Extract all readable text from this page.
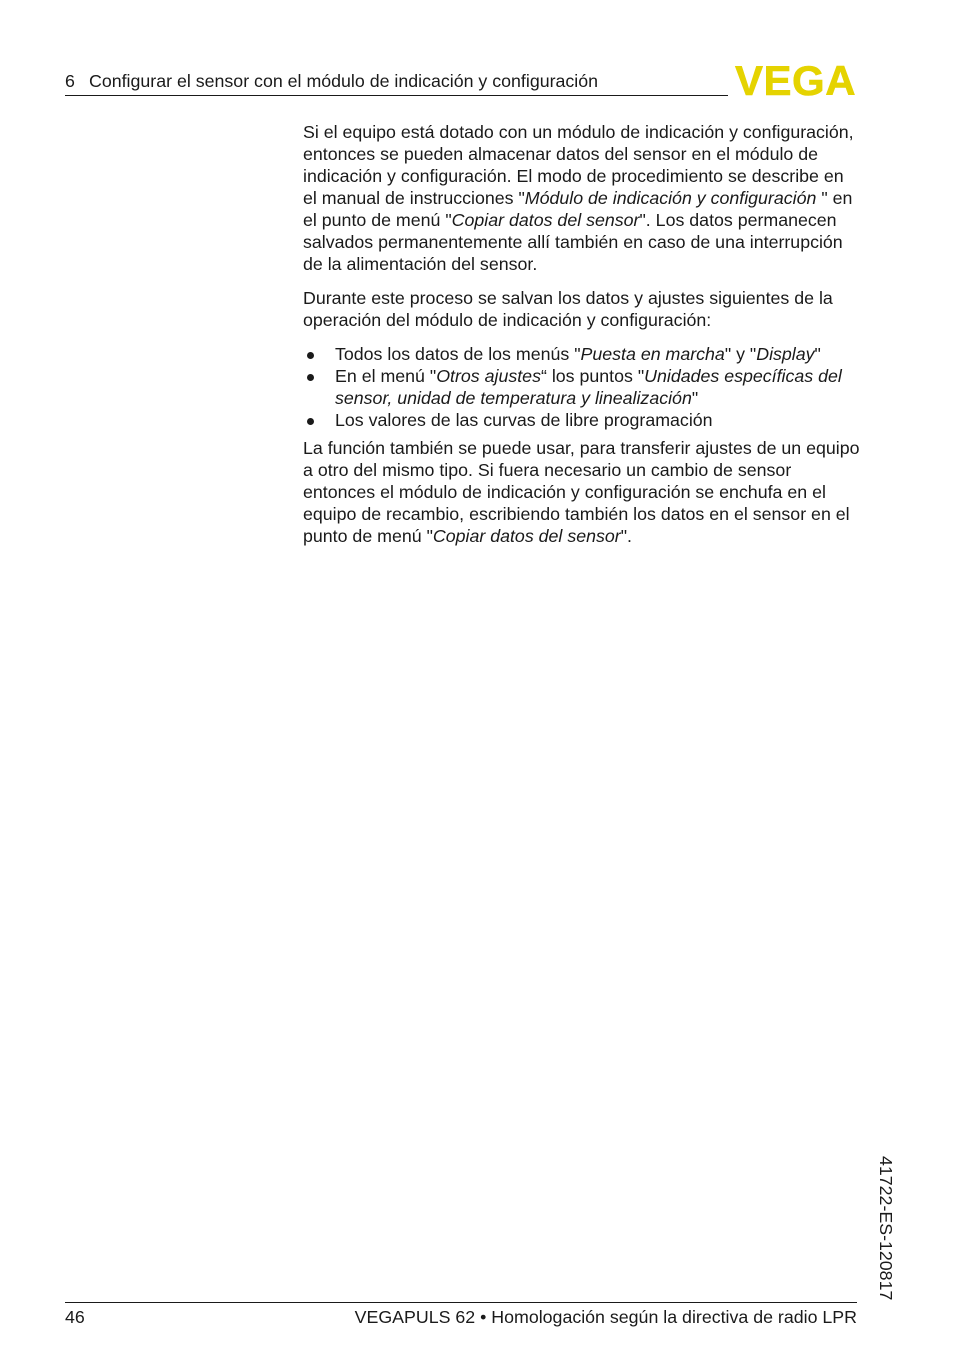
6 Configurar el sensor con el módulo de indicación y configuración	VEGA
Si el equipo está dotado con un módulo de indicación y configuración,
entonces se pueden almacenar datos del sensor en el módulo de
indicación y configuración. El modo de procedimiento se describe en
el manual de instrucciones "Módulo de indicación y configuración " en
el punto de menú "Copiar datos del sensor". Los datos permanecen
salvados permanentemente allí también en caso de una interrupción
de la alimentación del sensor.
Durante este proceso se salvan los datos y ajustes siguientes de la
operación del módulo de indicación y configuración:
Todos los datos de los menús "Puesta en marcha" y "Display"
En el menú "Otros ajustes“ los puntos "Unidades específicas del
sensor, unidad de temperatura y linealización"
Los valores de las curvas de libre programación
La función también se puede usar, para transferir ajustes de un equipo
a otro del mismo tipo. Si fuera necesario un cambio de sensor
entonces el módulo de indicación y configuración se enchufa en el
equipo de recambio, escribiendo también los datos en el sensor en el
punto de menú "Copiar datos del sensor".
41722-ES-120817
46	VEGAPULS 62 • Homologación según la directiva de radio LPR
